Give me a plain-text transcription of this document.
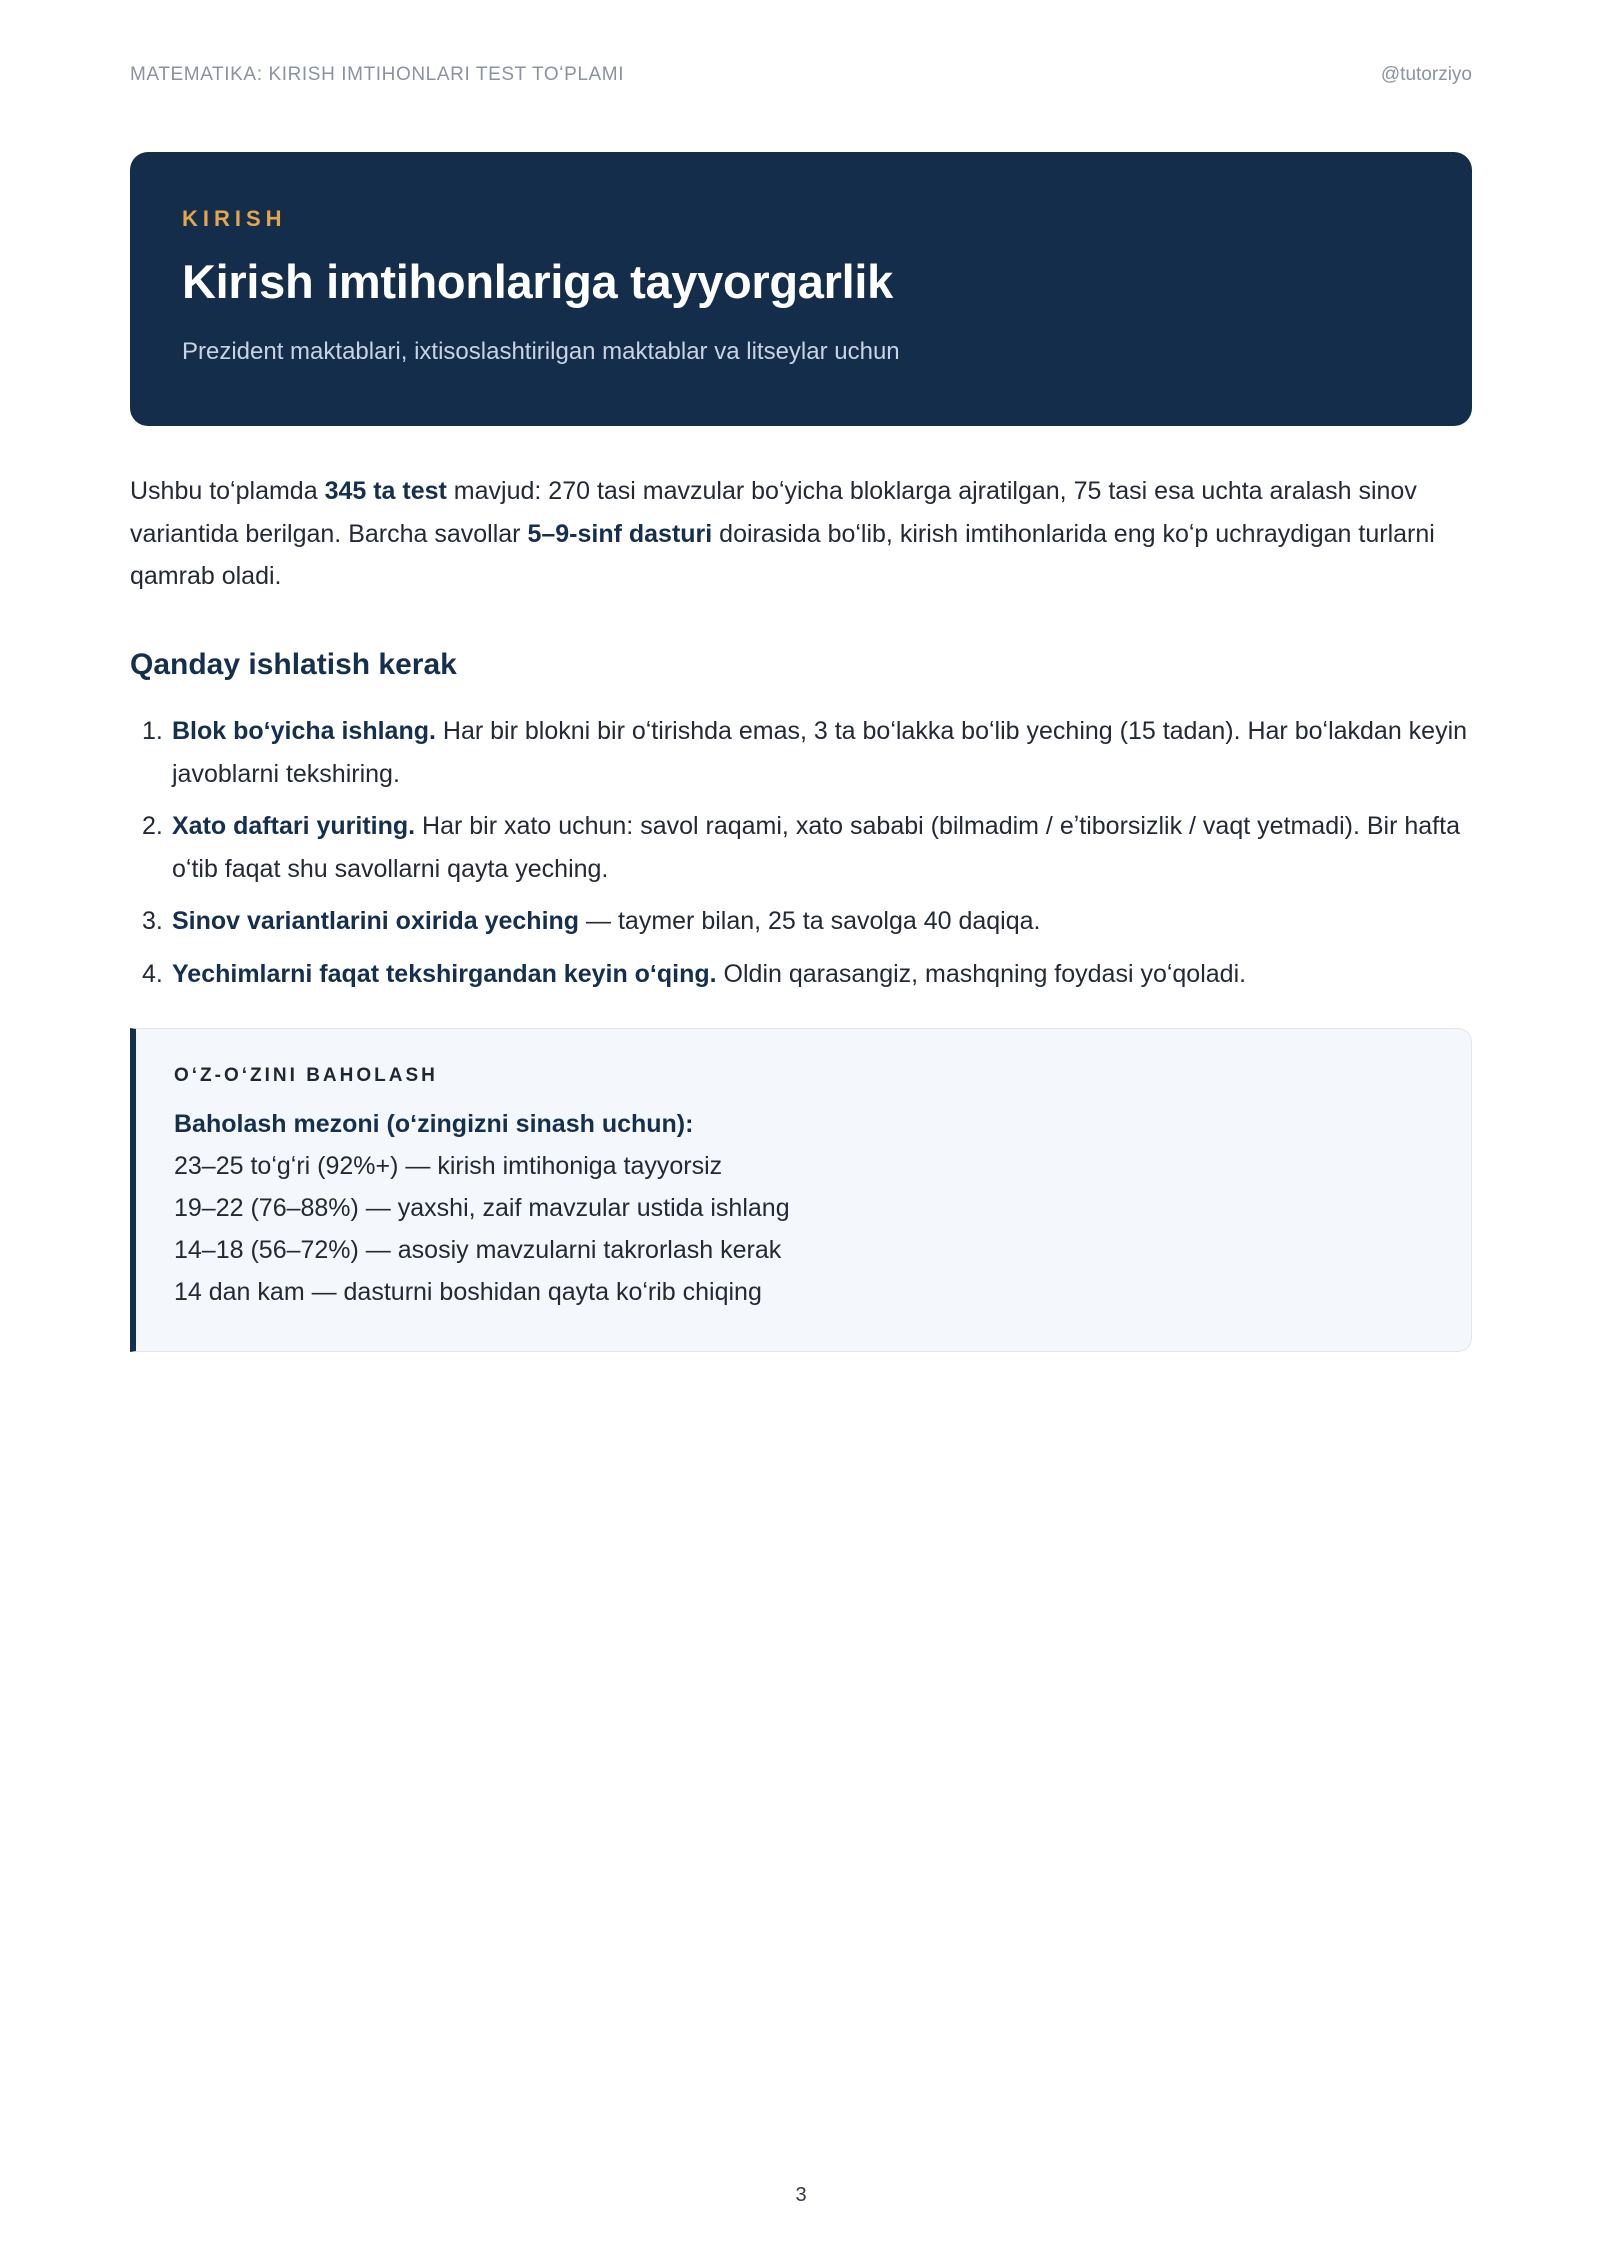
MATEMATIKA: KIRISH IMTIHONLARI TEST TOʻPLAMI	@tutorziyo

KIRISH

Kirish imtihonlariga tayyorgarlik

Prezident maktablari, ixtisoslashtirilgan maktablar va litseylar uchun

Ushbu toʻplamda 345 ta test mavjud: 270 tasi mavzular boʻyicha bloklarga ajratilgan, 75 tasi esa uchta aralash sinov variantida berilgan. Barcha savollar 5–9-sinf dasturi doirasida boʻlib, kirish imtihonlarida eng koʻp uchraydigan turlarni qamrab oladi.

Qanday ishlatish kerak
1. Blok boʻyicha ishlang. Har bir blokni bir oʻtirishda emas, 3 ta boʻlakka boʻlib yeching (15 tadan). Har boʻlakdan keyin javoblarni tekshiring.
2. Xato daftari yuriting. Har bir xato uchun: savol raqami, xato sababi (bilmadim / eʼtiborsizlik / vaqt yetmadi). Bir hafta oʻtib faqat shu savollarni qayta yeching.
3. Sinov variantlarini oxirida yeching — taymer bilan, 25 ta savolga 40 daqiqa.
4. Yechimlarni faqat tekshirgandan keyin oʻqing. Oldin qarasangiz, mashqning foydasi yoʻqoladi.

OʻZ-OʻZINI BAHOLASH

Baholash mezoni (oʻzingizni sinash uchun):

23–25 toʻgʻri (92%+) — kirish imtihoniga tayyorsiz

19–22 (76–88%) — yaxshi, zaif mavzular ustida ishlang

14–18 (56–72%) — asosiy mavzularni takrorlash kerak

14 dan kam — dasturni boshidan qayta koʻrib chiqing

3
